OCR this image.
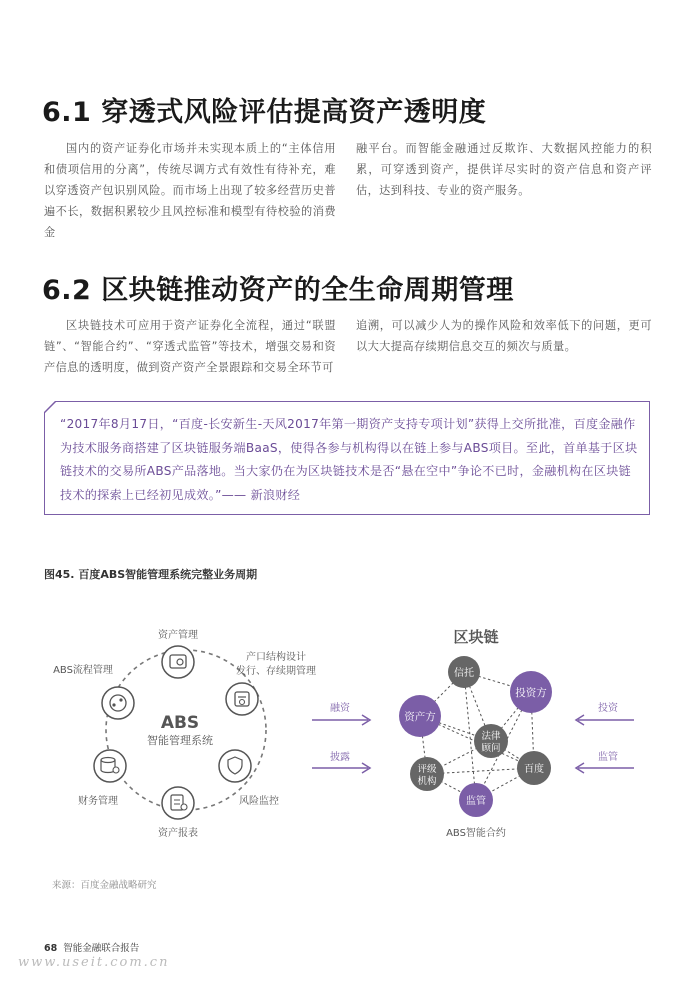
6.1 穿透式风险评估提高资产透明度
国内的资产证券化市场并未实现本质上的“主体信用和债项信用的分离”，传统尽调方式有效性有待补充，难以穿透资产包识别风险。而市场上出现了较多经营历史普遍不长，数据积累较少且风控标准和模型有待校验的消费金
融平台。而智能金融通过反欺诈、大数据风控能力的积累，可穿透到资产，提供详尽实时的资产信息和资产评估，达到科技、专业的资产服务。
6.2 区块链推动资产的全生命周期管理
区块链技术可应用于资产证券化全流程，通过“联盟链”、“智能合约”、“穿透式监管”等技术，增强交易和资产信息的透明度，做到资产资产全景跟踪和交易全环节可
追溯，可以减少人为的操作风险和效率低下的问题，更可以大大提高存续期信息交互的频次与质量。
“2017年8月17日，“百度-长安新生-天风2017年第一期资产支持专项计划”获得上交所批准，百度金融作为技术服务商搭建了区块链服务端BaaS，使得各参与机构得以在链上参与ABS项目。至此，首单基于区块链技术的交易所ABS产品落地。当大家仍在为区块链技术是否“悬在空中”争论不已时，金融机构在区块链技术的探索上已经初见成效。”—— 新浪财经
图45. 百度ABS智能管理系统完整业务周期
ABS
智能管理系统
资产管理
产口结构设计
发行、存续期管理
ABS流程管理
财务管理	风险监控
资产报表
融资
披露
投资
监管
区块链
信托
投资方
资产方
法律
顾问
百度
评级
机构
监管
ABS智能合约
来源：百度金融战略研究
68 智能金融联合报告
www.useit.com.cn
